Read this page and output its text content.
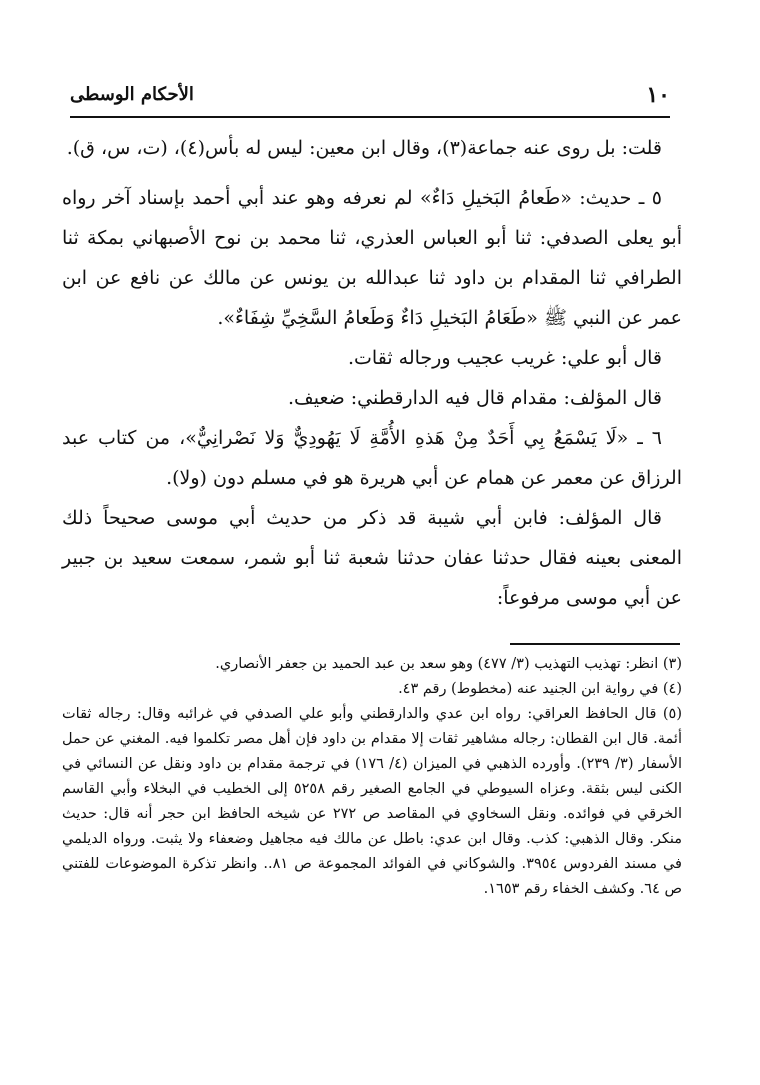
١٠
الأحكام الوسطى

قلت: بل روى عنه جماعة(٣)، وقال ابن معين: ليس له بأس(٤)، (ت، س، ق).

٥ ـ حديث: «طَعامُ البَخيلِ دَاءٌ» لم نعرفه وهو عند أبي أحمد بإسناد آخر رواه أبو يعلى الصدفي: ثنا أبو العباس العذري، ثنا محمد بن نوح الأصبهاني بمكة ثنا الطرافي ثنا المقدام بن داود ثنا عبدالله بن يونس عن مالك عن نافع عن ابن عمر عن النبي ﷺ «طَعَامُ البَخيلِ دَاءٌ وَطَعامُ السَّخِيِّ شِفَاءٌ».

قال أبو علي: غريب عجيب ورجاله ثقات.

قال المؤلف: مقدام قال فيه الدارقطني: ضعيف.

٦ ـ «لَا يَسْمَعُ بِي أَحَدٌ مِنْ هَذهِ الأُمَّةِ لَا يَهُودِيٌّ وَلا نَصْرانِيٌّ»، من كتاب عبد الرزاق عن معمر عن همام عن أبي هريرة هو في مسلم دون (ولا).

قال المؤلف: فابن أبي شيبة قد ذكر من حديث أبي موسى صحيحاً ذلك المعنى بعينه فقال حدثنا عفان حدثنا شعبة ثنا أبو شمر، سمعت سعيد بن جبير عن أبي موسى مرفوعاً:

(٣) انظر: تهذيب التهذيب (٣/ ٤٧٧) وهو سعد بن عبد الحميد بن جعفر الأنصاري.

(٤) في رواية ابن الجنيد عنه (مخطوط) رقم ٤٣.

(٥) قال الحافظ العراقي: رواه ابن عدي والدارقطني وأبو علي الصدفي في غرائبه وقال: رجاله ثقات أئمة. قال ابن القطان: رجاله مشاهير ثقات إلا مقدام بن داود فإن أهل مصر تكلموا فيه. المغني عن حمل الأسفار (٣/ ٢٣٩). وأورده الذهبي في الميزان (٤/ ١٧٦) في ترجمة مقدام بن داود ونقل عن النسائي في الكنى ليس بثقة. وعزاه السيوطي في الجامع الصغير رقم ٥٢٥٨ إلى الخطيب في البخلاء وأبي القاسم الخرقي في فوائده. ونقل السخاوي في المقاصد ص ٢٧٢ عن شيخه الحافظ ابن حجر أنه قال: حديث منكر. وقال الذهبي: كذب. وقال ابن عدي: باطل عن مالك فيه مجاهيل وضعفاء ولا يثبت. ورواه الديلمي في مسند الفردوس ٣٩٥٤. والشوكاني في الفوائد المجموعة ص ٨١.. وانظر تذكرة الموضوعات للفتني ص ٦٤. وكشف الخفاء رقم ١٦٥٣.
